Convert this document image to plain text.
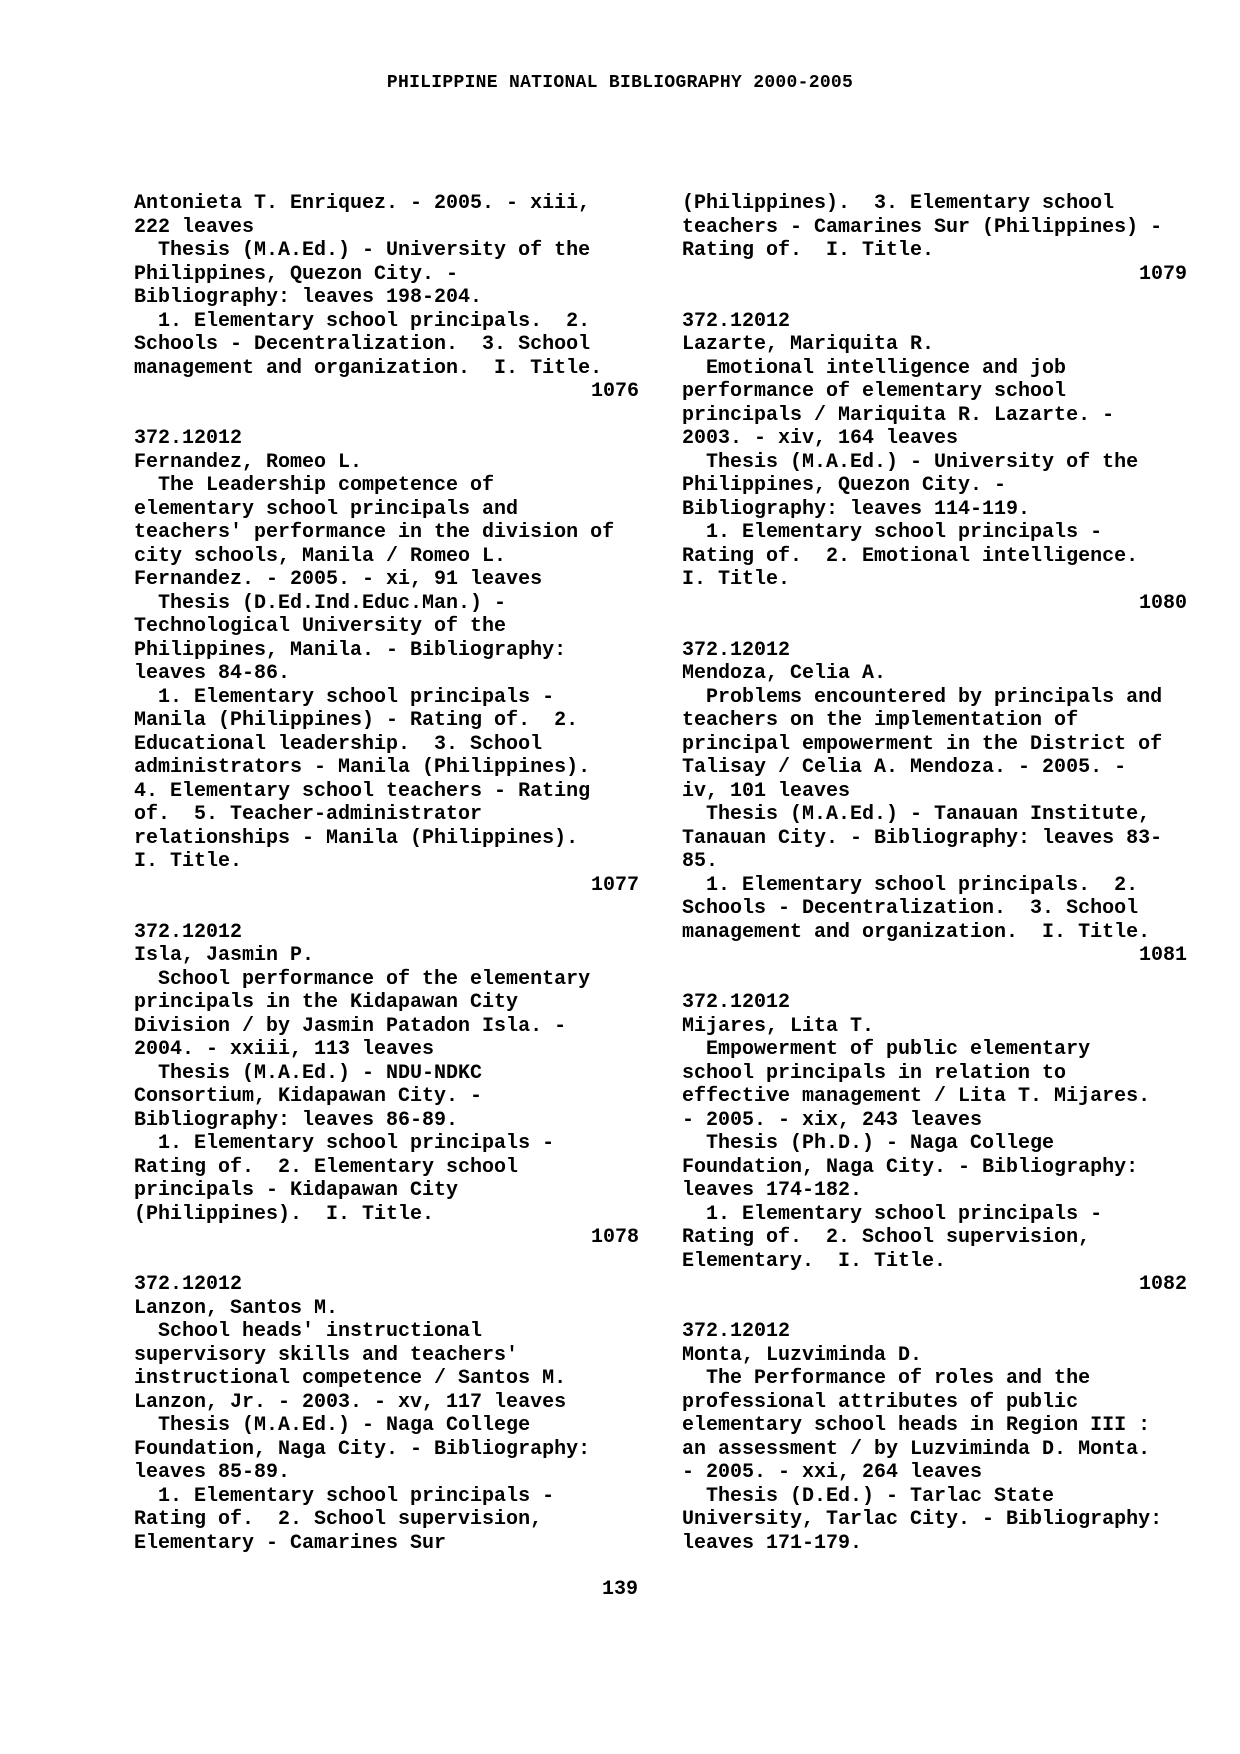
PHILIPPINE NATIONAL BIBLIOGRAPHY 2000-2005
Antonieta T. Enriquez. - 2005. - xiii,
222 leaves
Thesis (M.A.Ed.) - University of the
Philippines, Quezon City. -
Bibliography: leaves 198-204.
1. Elementary school principals.  2.
Schools - Decentralization.  3. School
management and organization.  I. Title.
1076
372.12012
Fernandez, Romeo L.
The Leadership competence of
elementary school principals and
teachers' performance in the division of
city schools, Manila / Romeo L.
Fernandez. - 2005. - xi, 91 leaves
Thesis (D.Ed.Ind.Educ.Man.) -
Technological University of the
Philippines, Manila. - Bibliography:
leaves 84-86.
1. Elementary school principals -
Manila (Philippines) - Rating of.  2.
Educational leadership.  3. School
administrators - Manila (Philippines).
4. Elementary school teachers - Rating
of.  5. Teacher-administrator
relationships - Manila (Philippines).
I. Title.
1077
372.12012
Isla, Jasmin P.
School performance of the elementary
principals in the Kidapawan City
Division / by Jasmin Patadon Isla. -
2004. - xxiii, 113 leaves
Thesis (M.A.Ed.) - NDU-NDKC
Consortium, Kidapawan City. -
Bibliography: leaves 86-89.
1. Elementary school principals -
Rating of.  2. Elementary school
principals - Kidapawan City
(Philippines).  I. Title.
1078
372.12012
Lanzon, Santos M.
School heads' instructional
supervisory skills and teachers'
instructional competence / Santos M.
Lanzon, Jr. - 2003. - xv, 117 leaves
Thesis (M.A.Ed.) - Naga College
Foundation, Naga City. - Bibliography:
leaves 85-89.
1. Elementary school principals -
Rating of.  2. School supervision,
Elementary - Camarines Sur
(Philippines).  3. Elementary school
teachers - Camarines Sur (Philippines) -
Rating of.  I. Title.
1079
372.12012
Lazarte, Mariquita R.
Emotional intelligence and job
performance of elementary school
principals / Mariquita R. Lazarte. -
2003. - xiv, 164 leaves
Thesis (M.A.Ed.) - University of the
Philippines, Quezon City. -
Bibliography: leaves 114-119.
1. Elementary school principals -
Rating of.  2. Emotional intelligence.
I. Title.
1080
372.12012
Mendoza, Celia A.
Problems encountered by principals and
teachers on the implementation of
principal empowerment in the District of
Talisay / Celia A. Mendoza. - 2005. -
iv, 101 leaves
Thesis (M.A.Ed.) - Tanauan Institute,
Tanauan City. - Bibliography: leaves 83-
85.
1. Elementary school principals.  2.
Schools - Decentralization.  3. School
management and organization.  I. Title.
1081
372.12012
Mijares, Lita T.
Empowerment of public elementary
school principals in relation to
effective management / Lita T. Mijares.
- 2005. - xix, 243 leaves
Thesis (Ph.D.) - Naga College
Foundation, Naga City. - Bibliography:
leaves 174-182.
1. Elementary school principals -
Rating of.  2. School supervision,
Elementary.  I. Title.
1082
372.12012
Monta, Luzviminda D.
The Performance of roles and the
professional attributes of public
elementary school heads in Region III :
an assessment / by Luzviminda D. Monta.
- 2005. - xxi, 264 leaves
Thesis (D.Ed.) - Tarlac State
University, Tarlac City. - Bibliography:
leaves 171-179.
139
